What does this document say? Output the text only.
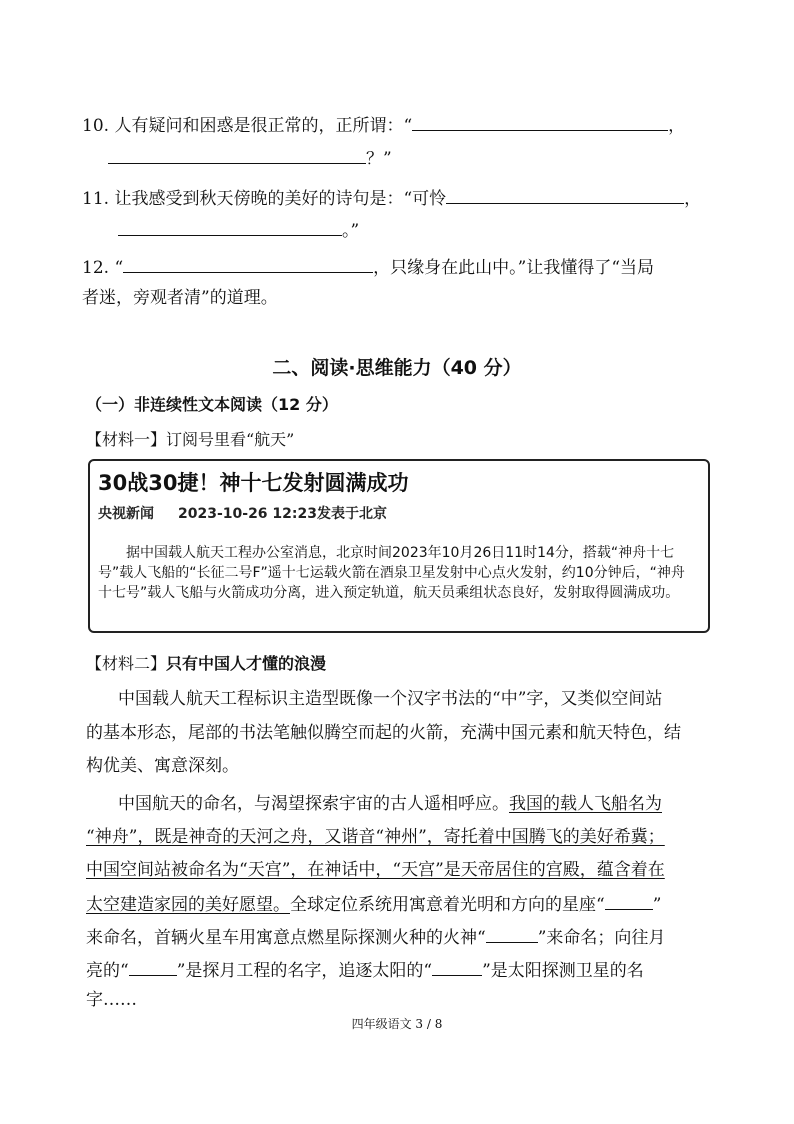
10. 人有疑问和困惑是很正常的，正所谓：“	，
？”
11. 让我感受到秋天傍晚的美好的诗句是：“可怜	，
。”
12. “	，只缘身在此山中。”让我懂得了“当局
者迷，旁观者清”的道理。
二、阅读·思维能力（40 分）
（一）非连续性文本阅读（12 分）
【材料一】订阅号里看“航天”
30战30捷！神十七发射圆满成功
央视新闻 2023-10-26 12:23发表于北京
据中国载人航天工程办公室消息，北京时间2023年10月26日11时14分，搭载“神舟十七号”载人飞船的“长征二号F”遥十七运载火箭在酒泉卫星发射中心点火发射，约10分钟后，“神舟十七号”载人飞船与火箭成功分离，进入预定轨道，航天员乘组状态良好，发射取得圆满成功。
【材料二】只有中国人才懂的浪漫
中国载人航天工程标识主造型既像一个汉字书法的“中”字，又类似空间站
的基本形态，尾部的书法笔触似腾空而起的火箭，充满中国元素和航天特色，结
构优美、寓意深刻。
中国航天的命名，与渴望探索宇宙的古人遥相呼应。我国的载人飞船名为
“神舟”，既是神奇的天河之舟，又谐音“神州”，寄托着中国腾飞的美好希冀；
中国空间站被命名为“天宫”，在神话中，“天宫”是天帝居住的宫殿，蕴含着在
太空建造家园的美好愿望。全球定位系统用寓意着光明和方向的星座“	”
来命名，首辆火星车用寓意点燃星际探测火种的火神“	”来命名；向往月
亮的“	”是探月工程的名字，追逐太阳的“	”是太阳探测卫星的名
字……
四年级语文 3 / 8
